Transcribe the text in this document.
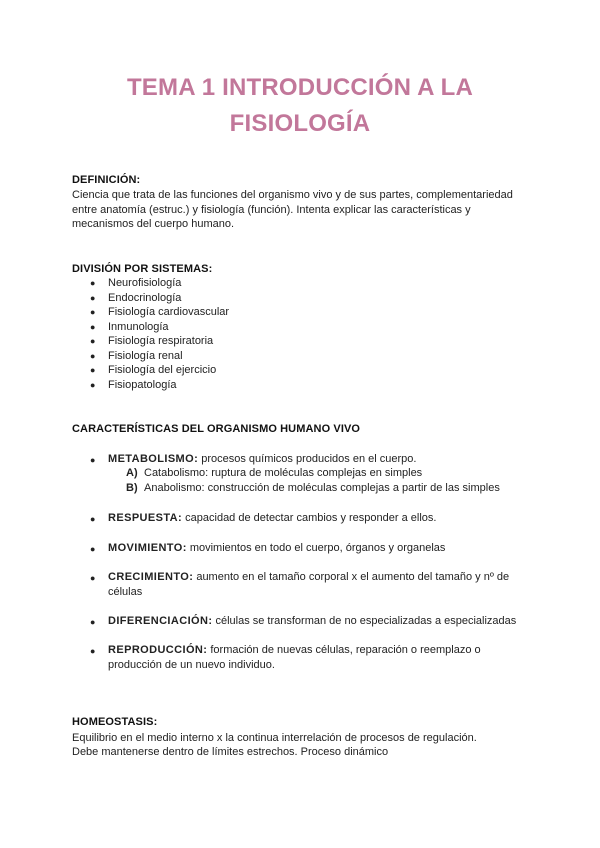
TEMA 1 INTRODUCCIÓN A LA FISIOLOGÍA
DEFINICIÓN:
Ciencia que trata de las funciones del organismo vivo y de sus partes, complementariedad entre anatomía (estruc.) y fisiología (función). Intenta explicar las características y mecanismos del cuerpo humano.
DIVISIÓN POR SISTEMAS:
● Neurofisiología
● Endocrinología
● Fisiología cardiovascular
● Inmunología
● Fisiología respiratoria
● Fisiología renal
● Fisiología del ejercicio
● Fisiopatología
CARACTERÍSTICAS DEL ORGANISMO HUMANO VIVO
●	METABOLISMO: procesos químicos producidos en el cuerpo.
A) Catabolismo: ruptura de moléculas complejas en simples
B) Anabolismo: construcción de moléculas complejas a partir de las simples
●	RESPUESTA: capacidad de detectar cambios y responder a ellos.
●	MOVIMIENTO: movimientos en todo el cuerpo, órganos y organelas
●	CRECIMIENTO: aumento en el tamaño corporal x el aumento del tamaño y nº de células
●	DIFERENCIACIÓN: células se transforman de no especializadas a especializadas
●	REPRODUCCIÓN: formación de nuevas células, reparación o reemplazo o producción de un nuevo individuo.
HOMEOSTASIS:
Equilibrio en el medio interno x la continua interrelación de procesos de regulación.
Debe mantenerse dentro de límites estrechos. Proceso dinámico
